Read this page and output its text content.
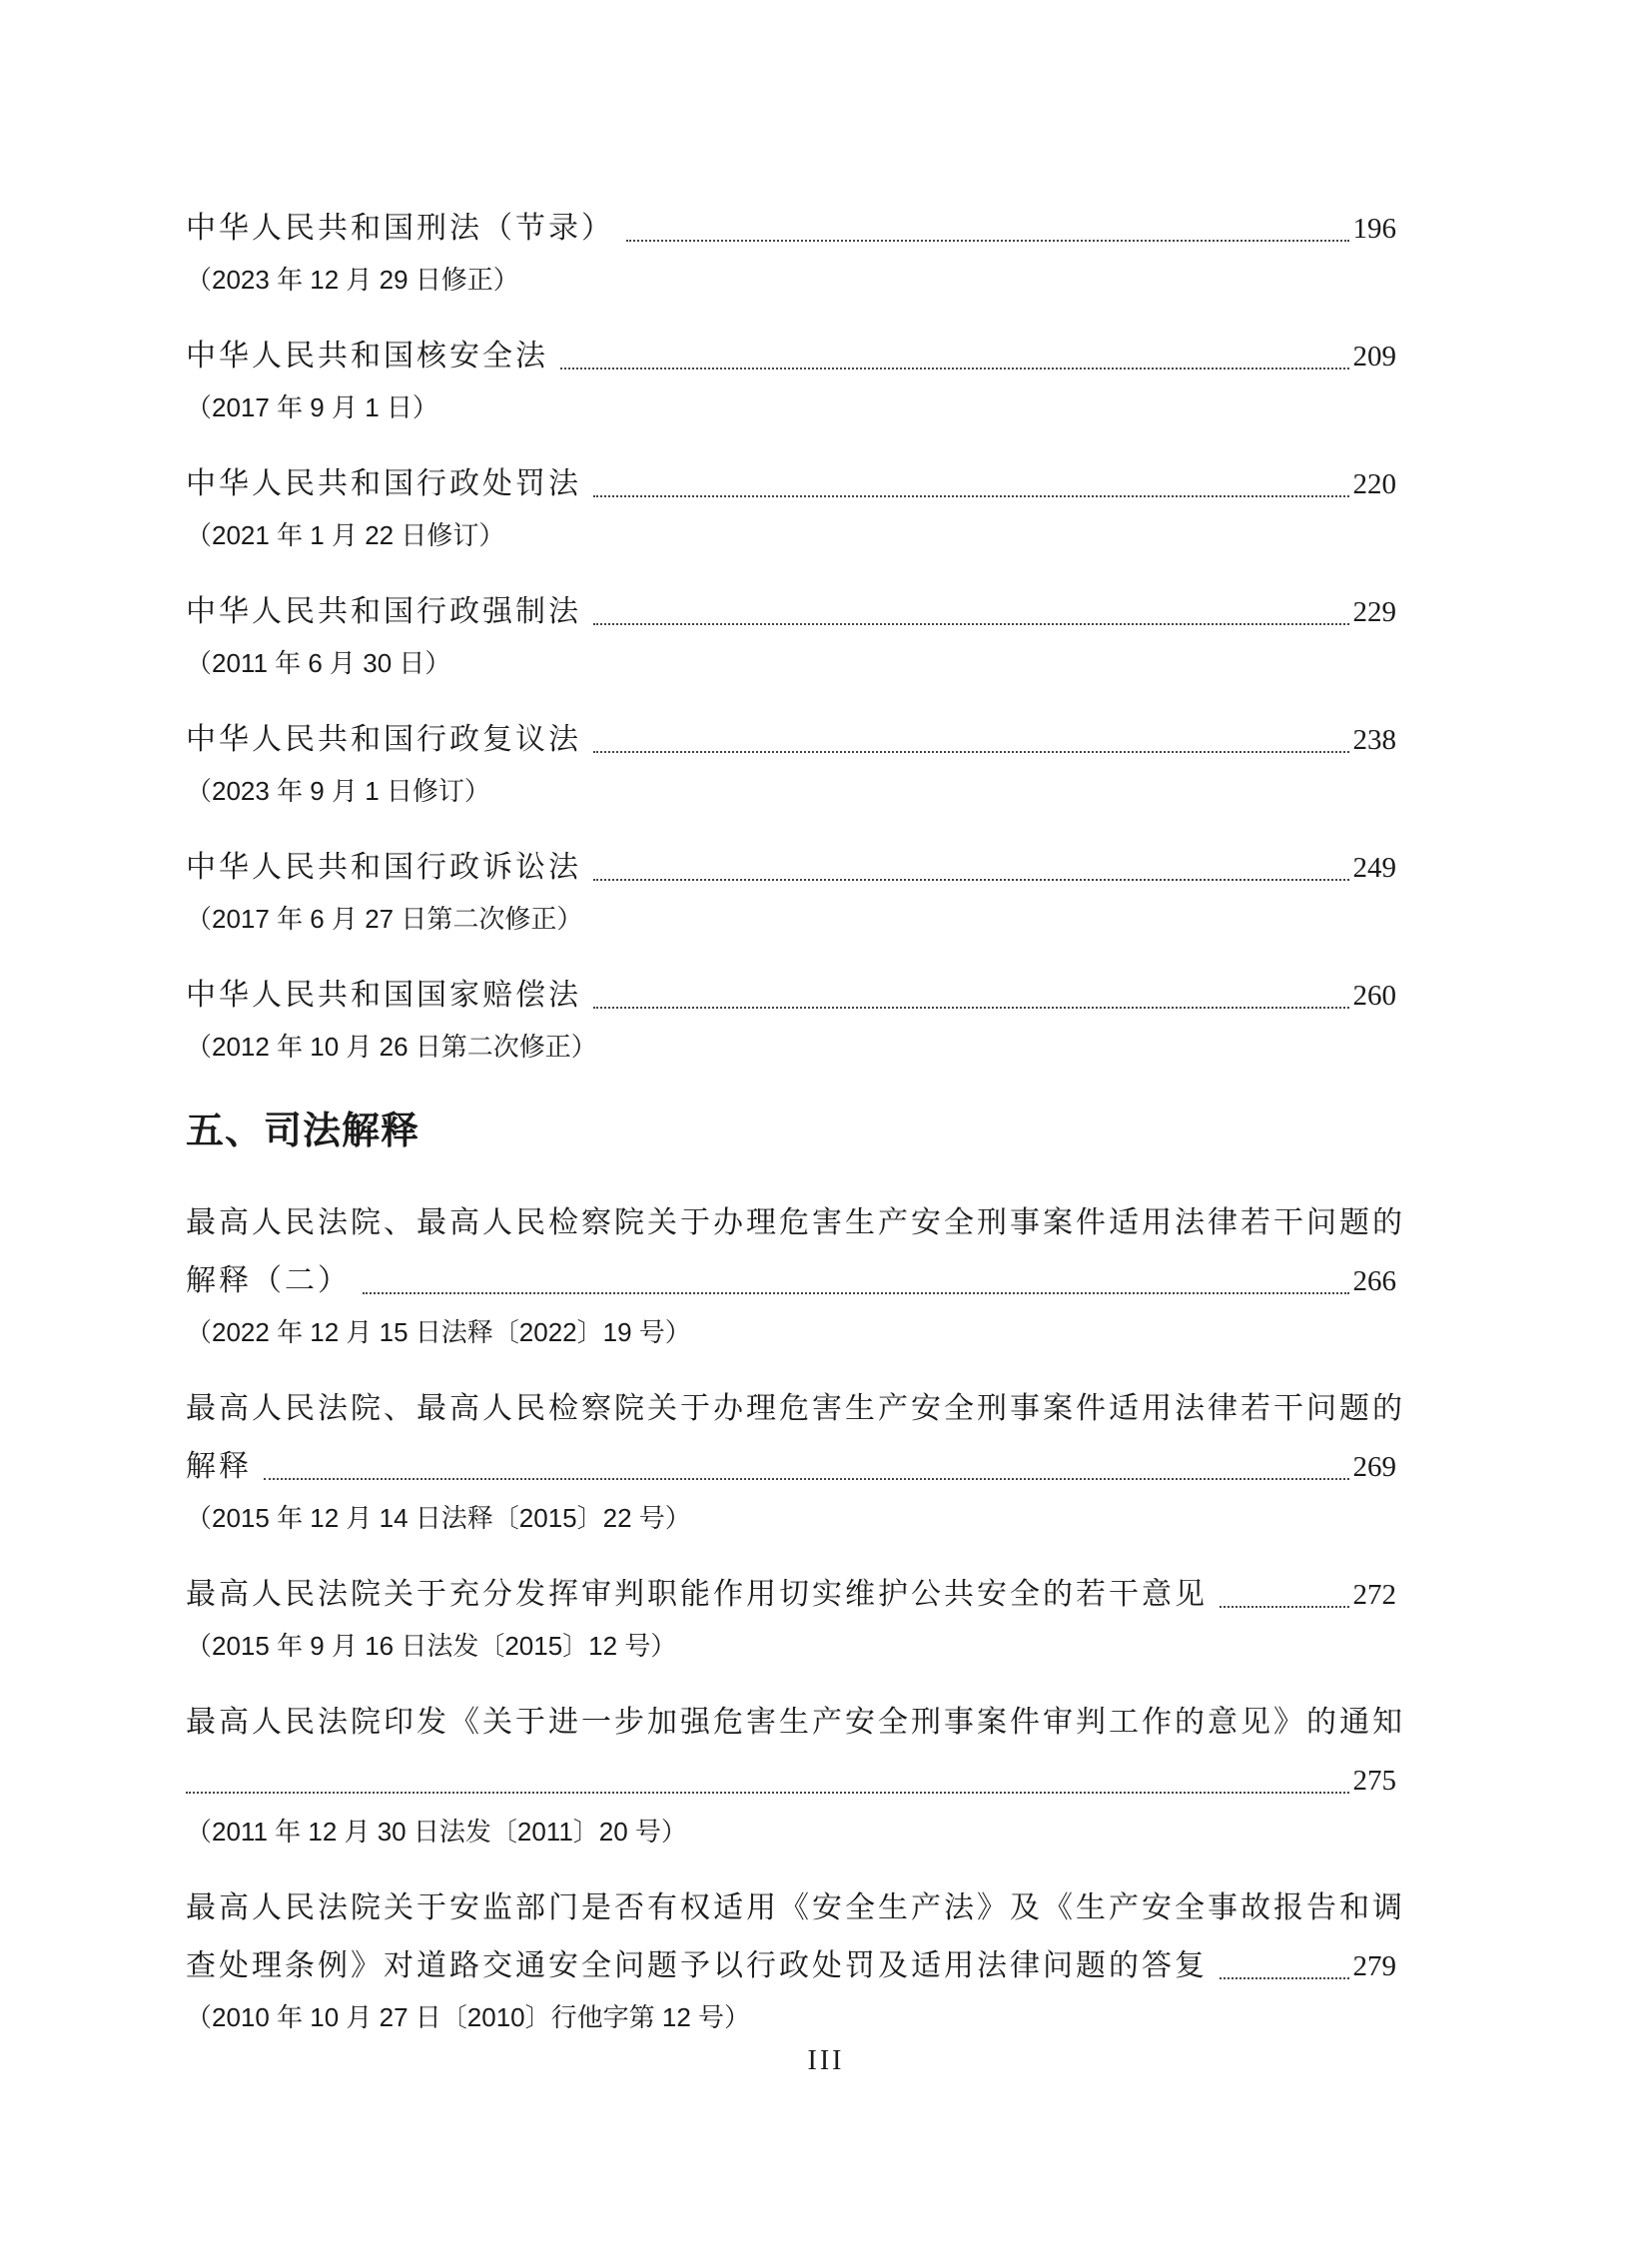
中华人民共和国刑法（节录）	196
（2023 年 12 月 29 日修正）
中华人民共和国核安全法	209
（2017 年 9 月 1 日）
中华人民共和国行政处罚法	220
（2021 年 1 月 22 日修订）
中华人民共和国行政强制法	229
（2011 年 6 月 30 日）
中华人民共和国行政复议法	238
（2023 年 9 月 1 日修订）
中华人民共和国行政诉讼法	249
（2017 年 6 月 27 日第二次修正）
中华人民共和国国家赔偿法	260
（2012 年 10 月 26 日第二次修正）
五、司法解释
最高人民法院、最高人民检察院关于办理危害生产安全刑事案件适用法律若干问题的
解释（二）	266
（2022 年 12 月 15 日法释〔2022〕19 号）
最高人民法院、最高人民检察院关于办理危害生产安全刑事案件适用法律若干问题的
解释	269
（2015 年 12 月 14 日法释〔2015〕22 号）
最高人民法院关于充分发挥审判职能作用切实维护公共安全的若干意见	272
（2015 年 9 月 16 日法发〔2015〕12 号）
最高人民法院印发《关于进一步加强危害生产安全刑事案件审判工作的意见》的通知
275
（2011 年 12 月 30 日法发〔2011〕20 号）
最高人民法院关于安监部门是否有权适用《安全生产法》及《生产安全事故报告和调
查处理条例》对道路交通安全问题予以行政处罚及适用法律问题的答复	279
（2010 年 10 月 27 日〔2010〕行他字第 12 号）
III
